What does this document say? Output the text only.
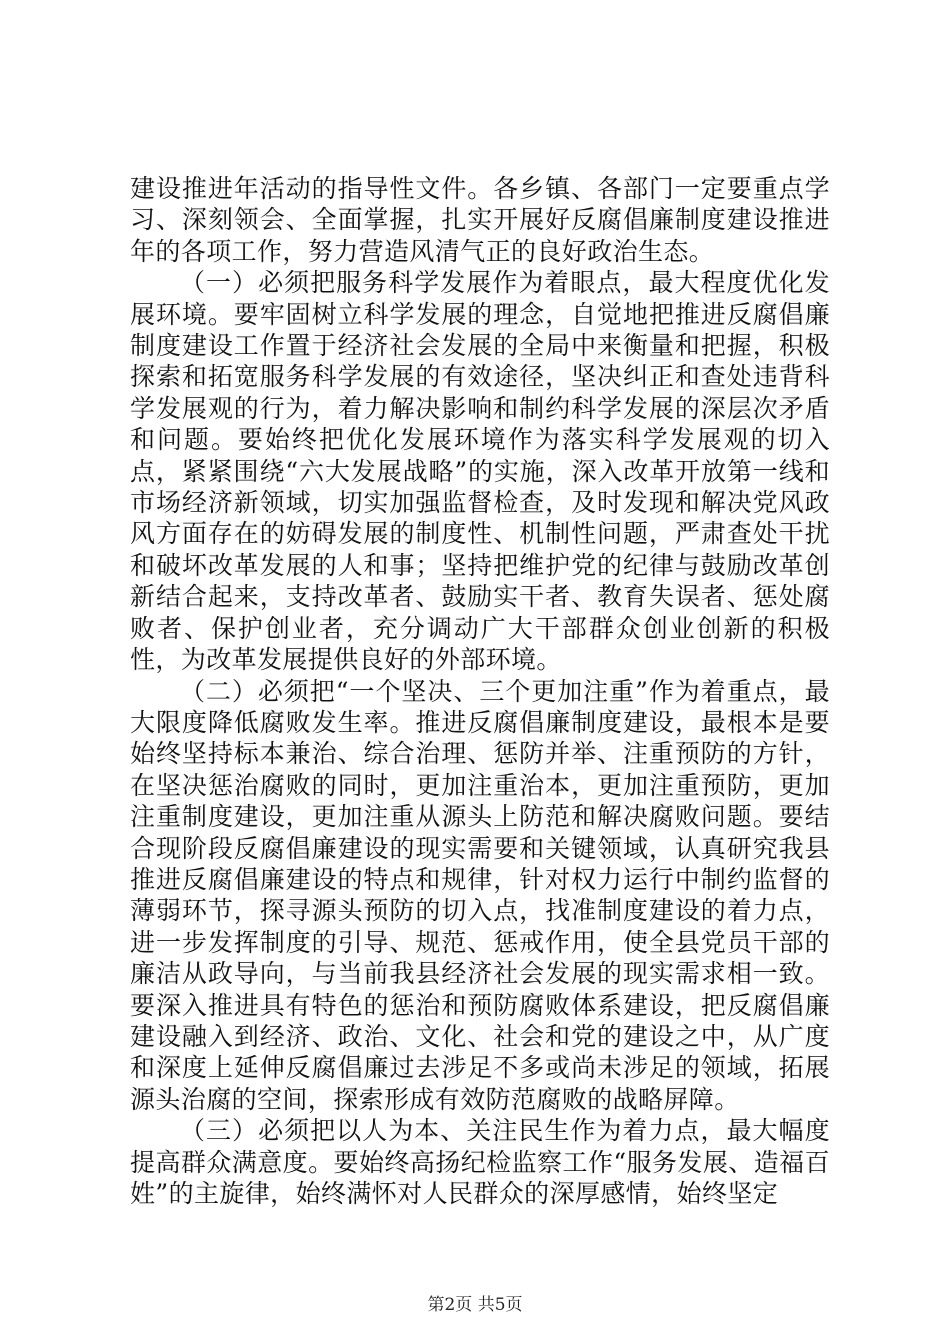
建设推进年活动的指导性文件。各乡镇、各部门一定要重点学习、深刻领会、全面掌握，扎实开展好反腐倡廉制度建设推进年的各项工作，努力营造风清气正的良好政治生态。

（一）必须把服务科学发展作为着眼点，最大程度优化发展环境。要牢固树立科学发展的理念，自觉地把推进反腐倡廉制度建设工作置于经济社会发展的全局中来衡量和把握，积极探索和拓宽服务科学发展的有效途径，坚决纠正和查处违背科学发展观的行为，着力解决影响和制约科学发展的深层次矛盾和问题。要始终把优化发展环境作为落实科学发展观的切入点，紧紧围绕“六大发展战略”的实施，深入改革开放第一线和市场经济新领域，切实加强监督检查，及时发现和解决党风政风方面存在的妨碍发展的制度性、机制性问题，严肃查处干扰和破坏改革发展的人和事；坚持把维护党的纪律与鼓励改革创新结合起来，支持改革者、鼓励实干者、教育失误者、惩处腐败者、保护创业者，充分调动广大干部群众创业创新的积极性，为改革发展提供良好的外部环境。

（二）必须把“一个坚决、三个更加注重”作为着重点，最大限度降低腐败发生率。推进反腐倡廉制度建设，最根本是要始终坚持标本兼治、综合治理、惩防并举、注重预防的方针，在坚决惩治腐败的同时，更加注重治本，更加注重预防，更加注重制度建设，更加注重从源头上防范和解决腐败问题。要结合现阶段反腐倡廉建设的现实需要和关键领域，认真研究我县推进反腐倡廉建设的特点和规律，针对权力运行中制约监督的薄弱环节，探寻源头预防的切入点，找准制度建设的着力点，进一步发挥制度的引导、规范、惩戒作用，使全县党员干部的廉洁从政导向，与当前我县经济社会发展的现实需求相一致。要深入推进具有特色的惩治和预防腐败体系建设，把反腐倡廉建设融入到经济、政治、文化、社会和党的建设之中，从广度和深度上延伸反腐倡廉过去涉足不多或尚未涉足的领域，拓展源头治腐的空间，探索形成有效防范腐败的战略屏障。

（三）必须把以人为本、关注民生作为着力点，最大幅度提高群众满意度。要始终高扬纪检监察工作“服务发展、造福百姓”的主旋律，始终满怀对人民群众的深厚感情，始终坚定

第2页 共5页
